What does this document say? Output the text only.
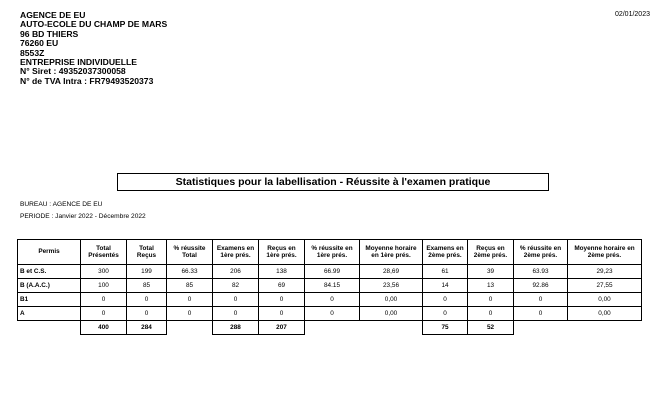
AGENCE DE EU
AUTO-ECOLE DU CHAMP DE MARS
96 BD THIERS
76260 EU
8553Z
ENTREPRISE INDIVIDUELLE
N° Siret : 49352037300058
N° de TVA Intra : FR79493520373
02/01/2023
Statistiques pour la labellisation - Réussite à l'examen pratique
BUREAU : AGENCE DE EU
PERIODE : Janvier 2022 - Décembre 2022
Permis	Total Présentés	Total Reçus	% réussite Total	Examens en 1ère prés.	Reçus en 1ère prés.	% réussite en 1ère prés.	Moyenne horaire en 1ère prés.	Examens en 2ème prés.	Reçus en 2ème prés.	% réussite en 2ème prés.	Moyenne horaire en 2ème prés.
B et C.S.	300	199	66.33	206	138	66.99	28,69	61	39	63.93	29,23
B (A.A.C.)	100	85	85	82	69	84.15	23,56	14	13	92.86	27,55
B1	0	0	0	0	0	0	0,00	0	0	0	0,00
A	0	0	0	0	0	0	0,00	0	0	0	0,00
	400	284		288	207			75	52		
